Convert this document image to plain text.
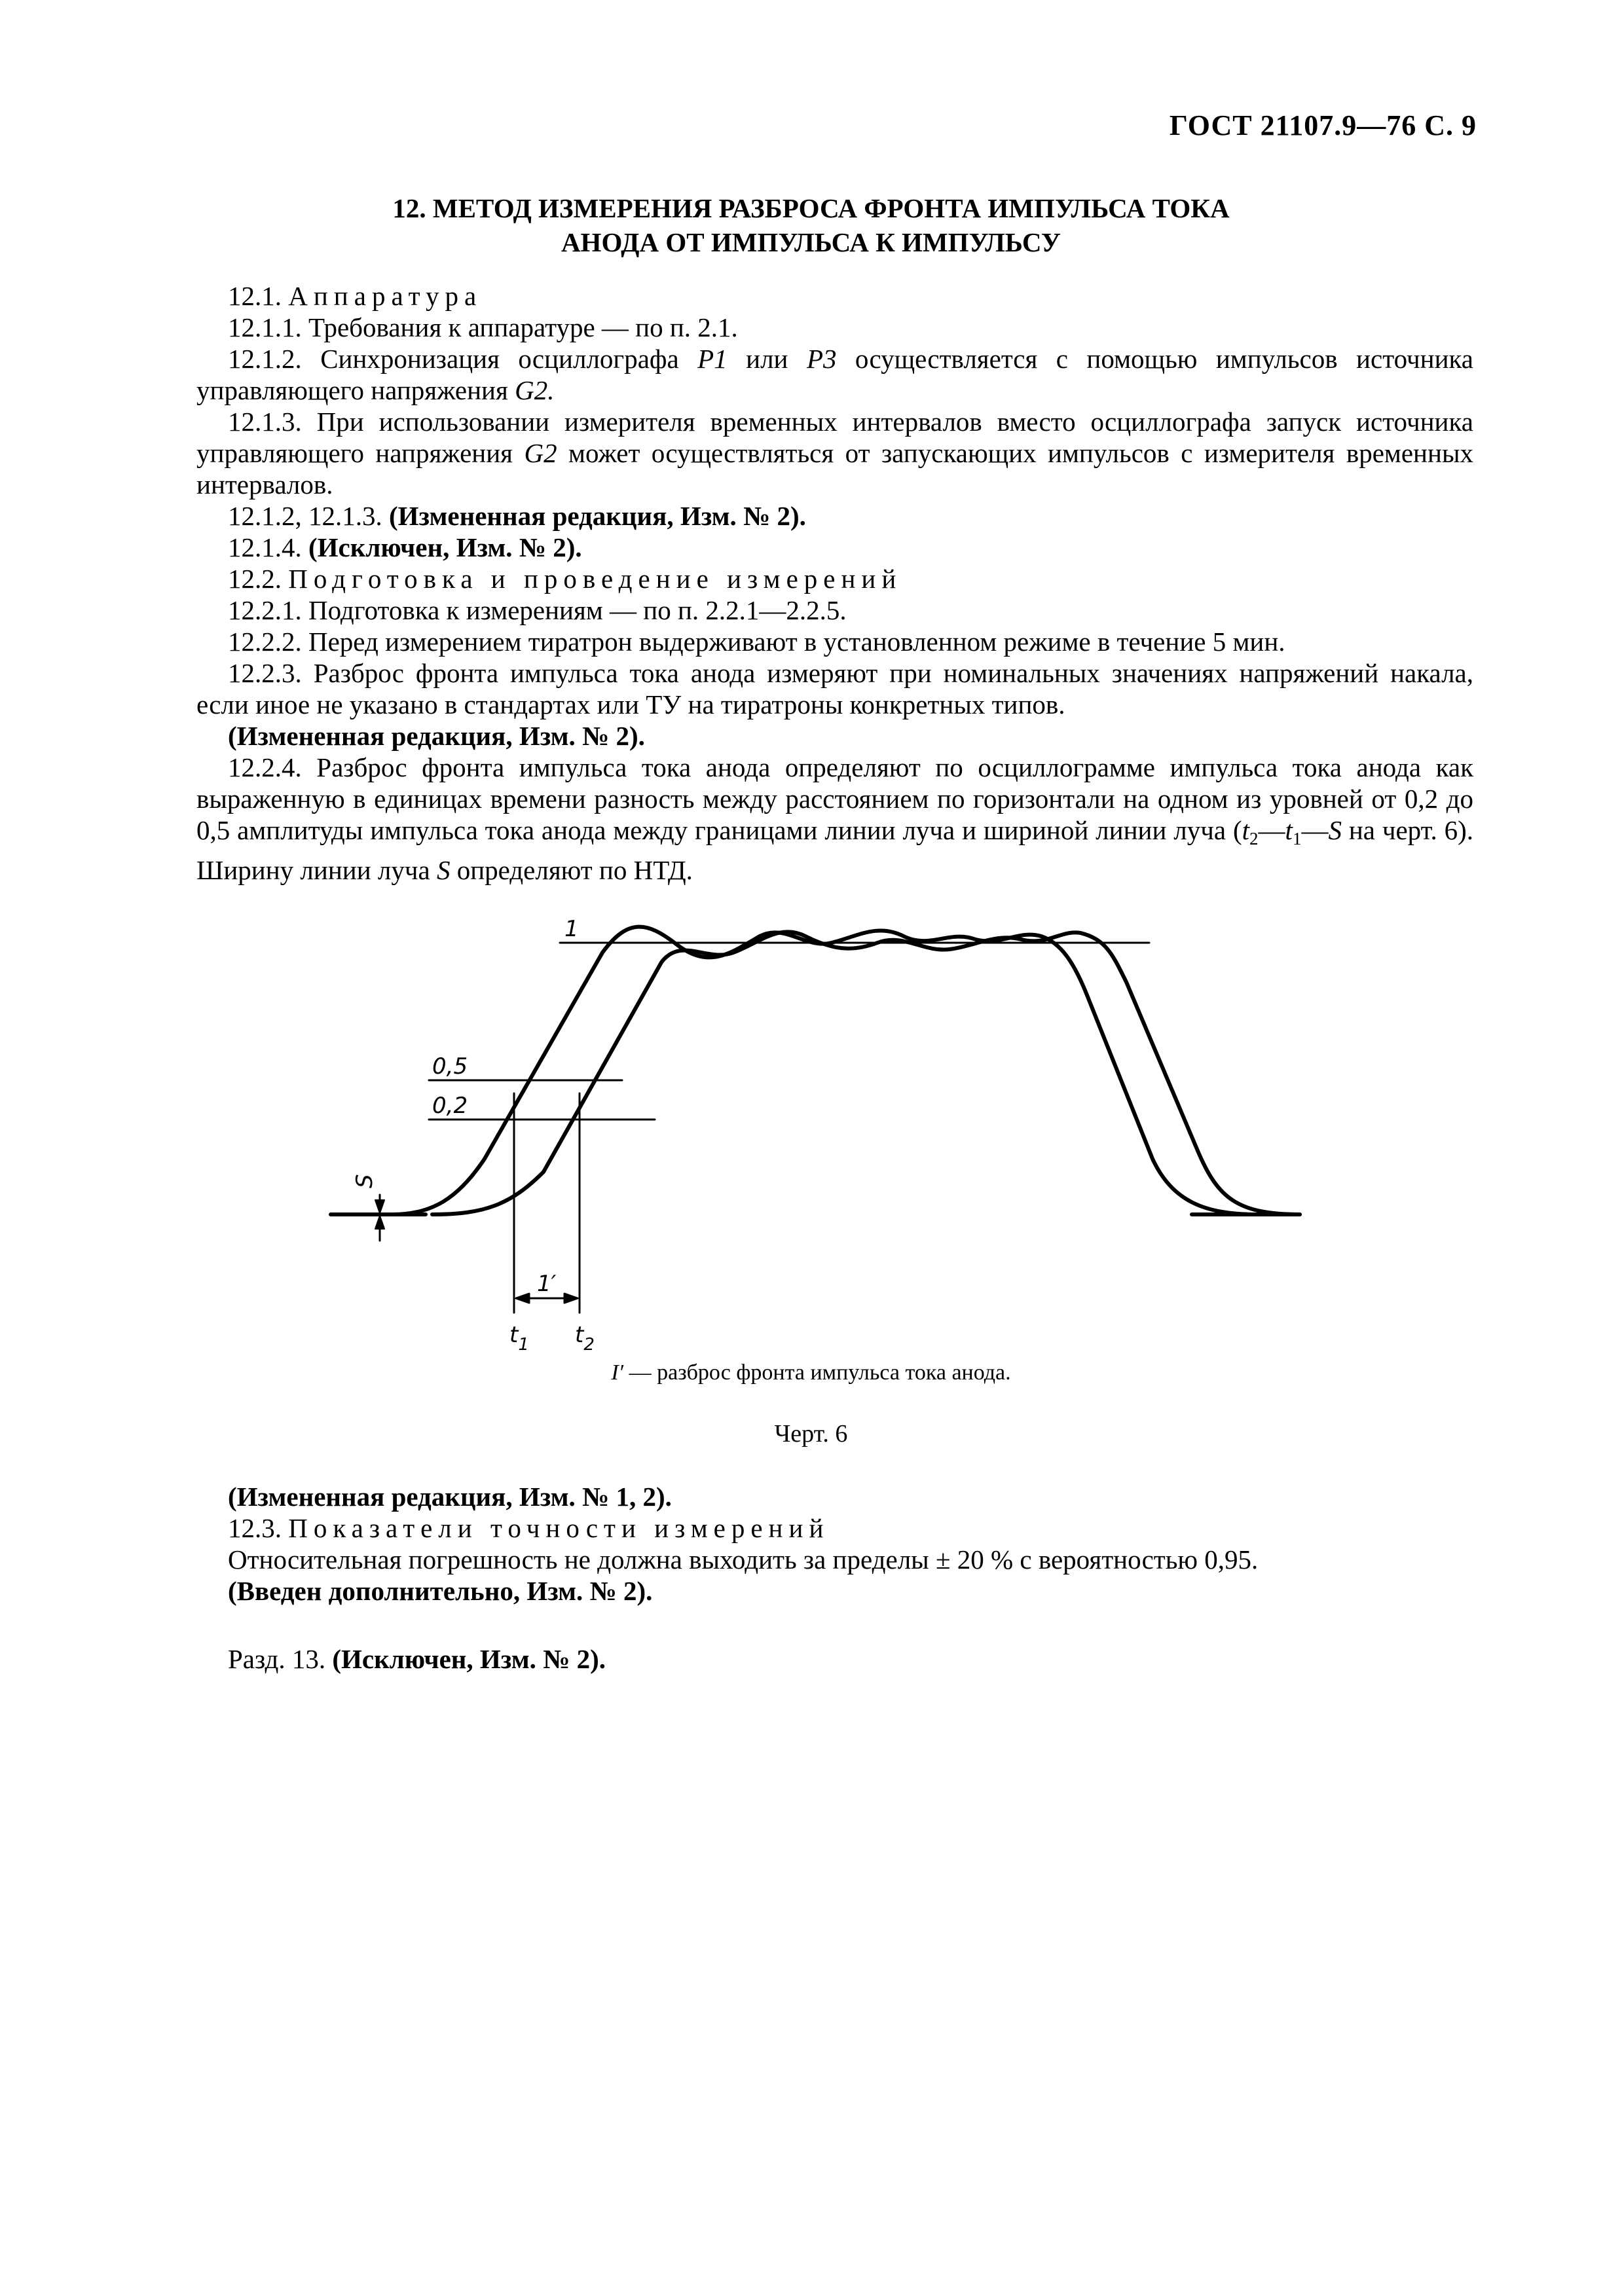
ГОСТ 21107.9—76 С. 9
12. МЕТОД ИЗМЕРЕНИЯ РАЗБРОСА ФРОНТА ИМПУЛЬСА ТОКА
АНОДА ОТ ИМПУЛЬСА К ИМПУЛЬСУ

12.1. Аппаратура

12.1.1. Требования к аппаратуре — по п. 2.1.

12.1.2. Синхронизация осциллографа P1 или P3 осуществляется с помощью импульсов источника управляющего напряжения G2.

12.1.3. При использовании измерителя временных интервалов вместо осциллографа запуск источника управляющего напряжения G2 может осуществляться от запускающих импульсов с измерителя временных интервалов.

12.1.2, 12.1.3. (Измененная редакция, Изм. № 2).

12.1.4. (Исключен, Изм. № 2).

12.2. Подготовка и проведение измерений

12.2.1. Подготовка к измерениям — по п. 2.2.1—2.2.5.

12.2.2. Перед измерением тиратрон выдерживают в установленном режиме в течение 5 мин.

12.2.3. Разброс фронта импульса тока анода измеряют при номинальных значениях напряжений накала, если иное не указано в стандартах или ТУ на тиратроны конкретных типов.

(Измененная редакция, Изм. № 2).

12.2.4. Разброс фронта импульса тока анода определяют по осциллограмме импульса тока анода как выраженную в единицах времени разность между расстоянием по горизонтали на одном из уровней от 0,2 до 0,5 амплитуды импульса тока анода между границами линии луча и шириной линии луча ($t_2—t_1—S$ на черт. 6). Ширину линии луча S определяют по НТД.

1
0,5
0,2
S
1′
$t_1$ $t_2$
I′ — разброс фронта импульса тока анода.
Черт. 6

(Измененная редакция, Изм. № 1, 2).

12.3. Показатели точности измерений

Относительная погрешность не должна выходить за пределы ± 20 % с вероятностью 0,95.

(Введен дополнительно, Изм. № 2).

Разд. 13. (Исключен, Изм. № 2).
